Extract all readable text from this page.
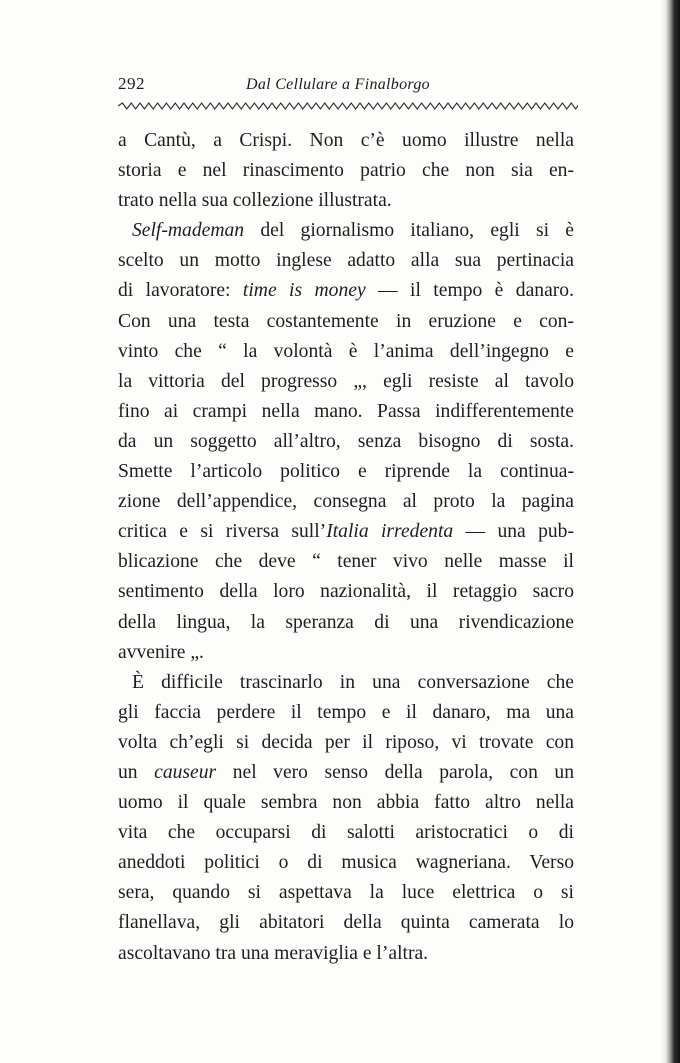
292	Dal Cellulare a Finalborgo
a Cantù, a Crispi. Non c’è uomo illustre nella
storia e nel rinascimento patrio che non sia en-
trato nella sua collezione illustrata.
Self-mademan del giornalismo italiano, egli si è
scelto un motto inglese adatto alla sua pertinacia
di lavoratore: time is money — il tempo è danaro.
Con una testa costantemente in eruzione e con-
vinto che “ la volontà è l’anima dell’ingegno e
la vittoria del progresso „, egli resiste al tavolo
fino ai crampi nella mano. Passa indifferentemente
da un soggetto all’altro, senza bisogno di sosta.
Smette l’articolo politico e riprende la continua-
zione dell’appendice, consegna al proto la pagina
critica e si riversa sull’Italia irredenta — una pub-
blicazione che deve “ tener vivo nelle masse il
sentimento della loro nazionalità, il retaggio sacro
della lingua, la speranza di una rivendicazione
avvenire „.
È difficile trascinarlo in una conversazione che
gli faccia perdere il tempo e il danaro, ma una
volta ch’egli si decida per il riposo, vi trovate con
un causeur nel vero senso della parola, con un
uomo il quale sembra non abbia fatto altro nella
vita che occuparsi di salotti aristocratici o di
aneddoti politici o di musica wagneriana. Verso
sera, quando si aspettava la luce elettrica o si
flanellava, gli abitatori della quinta camerata lo
ascoltavano tra una meraviglia e l’altra.
